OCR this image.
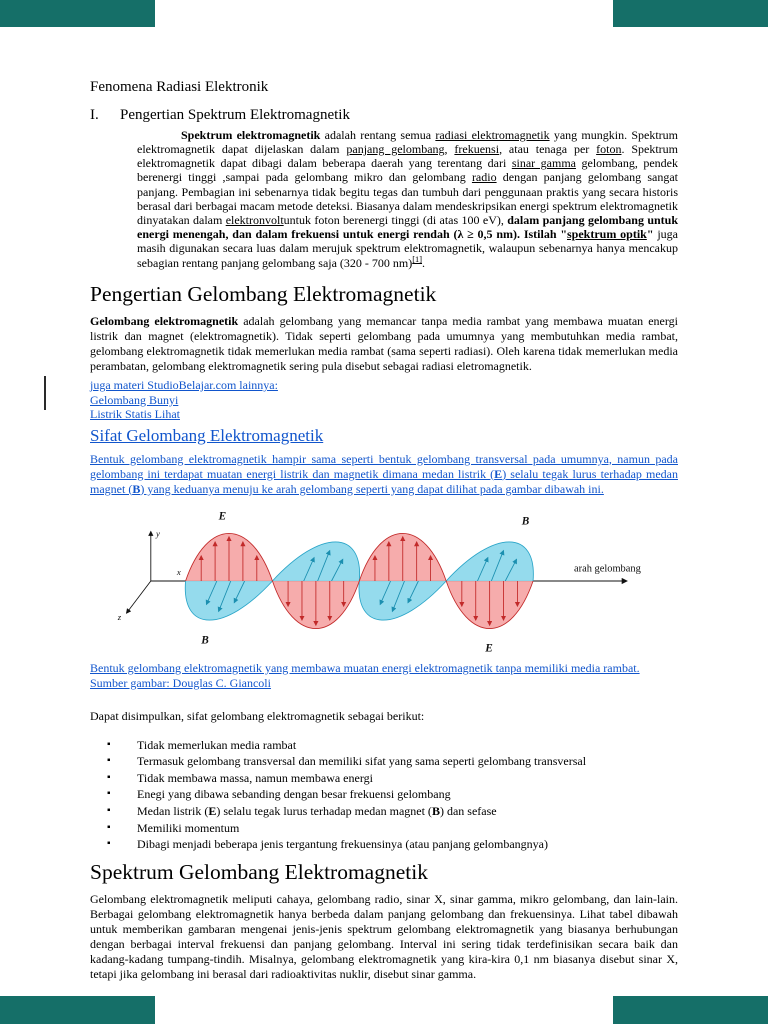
Fenomena Radiasi Elektronik

I.	Pengertian Spektrum Elektromagnetik

Spektrum elektromagnetik adalah rentang semua radiasi elektromagnetik yang mungkin. Spektrum elektromagnetik dapat dijelaskan dalam panjang gelombang, frekuensi, atau tenaga per foton. Spektrum elektromagnetik dapat dibagi dalam beberapa daerah yang terentang dari sinar gamma gelombang, pendek berenergi tinggi ,sampai pada gelombang mikro dan gelombang radio dengan panjang gelombang sangat panjang. Pembagian ini sebenarnya tidak begitu tegas dan tumbuh dari penggunaan praktis yang secara historis berasal dari berbagai macam metode deteksi. Biasanya dalam mendeskripsikan energi spektrum elektromagnetik dinyatakan dalam elektronvoltuntuk foton berenergi tinggi (di atas 100 eV), dalam panjang gelombang untuk energi menengah, dan dalam frekuensi untuk energi rendah (λ ≥ 0,5 nm). Istilah "spektrum optik" juga masih digunakan secara luas dalam merujuk spektrum elektromagnetik, walaupun sebenarnya hanya mencakup sebagian rentang panjang gelombang saja (320 - 700 nm)[1].

Pengertian Gelombang Elektromagnetik

Gelombang elektromagnetik adalah gelombang yang memancar tanpa media rambat yang membawa muatan energi listrik dan magnet (elektromagnetik). Tidak seperti gelombang pada umumnya yang membutuhkan media rambat, gelombang elektromagnetik tidak memerlukan media rambat (sama seperti radiasi). Oleh karena tidak memerlukan media perambatan, gelombang elektromagnetik sering pula disebut sebagai radiasi eletromagnetik.

juga materi StudioBelajar.com lainnya:
Gelombang Bunyi
Listrik Statis Lihat
Sifat Gelombang Elektromagnetik

Bentuk gelombang elektromagnetik hampir sama seperti bentuk gelombang transversal pada umumnya, namun pada gelombang ini terdapat muatan energi listrik dan magnetik dimana medan listrik (E) selalu tegak lurus terhadap medan magnet (B) yang keduanya menuju ke arah gelombang seperti yang dapat dilihat pada gambar dibawah ini.

y
z
x
E
B
B
E
arah gelombang

Bentuk gelombang elektromagnetik yang membawa muatan energi elektromagnetik tanpa memiliki media rambat. Sumber gambar: Douglas C. Giancoli

Dapat disimpulkan, sifat gelombang elektromagnetik sebagai berikut:

▪ Tidak memerlukan media rambat
▪ Termasuk gelombang transversal dan memiliki sifat yang sama seperti gelombang transversal
▪ Tidak membawa massa, namun membawa energi
▪ Enegi yang dibawa sebanding dengan besar frekuensi gelombang
▪ Medan listrik (E) selalu tegak lurus terhadap medan magnet (B) dan sefase
▪ Memiliki momentum
▪ Dibagi menjadi beberapa jenis tergantung frekuensinya (atau panjang gelombangnya)
Spektrum Gelombang Elektromagnetik

Gelombang elektromagnetik meliputi cahaya, gelombang radio, sinar X, sinar gamma, mikro gelombang, dan lain-lain. Berbagai gelombang elektromagnetik hanya berbeda dalam panjang gelombang dan frekuensinya. Lihat tabel dibawah untuk memberikan gambaran mengenai jenis-jenis spektrum gelombang elektromagnetik yang biasanya berhubungan dengan berbagai interval frekuensi dan panjang gelombang. Interval ini sering tidak terdefinisikan secara baik dan kadang-kadang tumpang-tindih. Misalnya, gelombang elektromagnetik yang kira-kira 0,1 nm biasanya disebut sinar X, tetapi jika gelombang ini berasal dari radioaktivitas nuklir, disebut sinar gamma.
